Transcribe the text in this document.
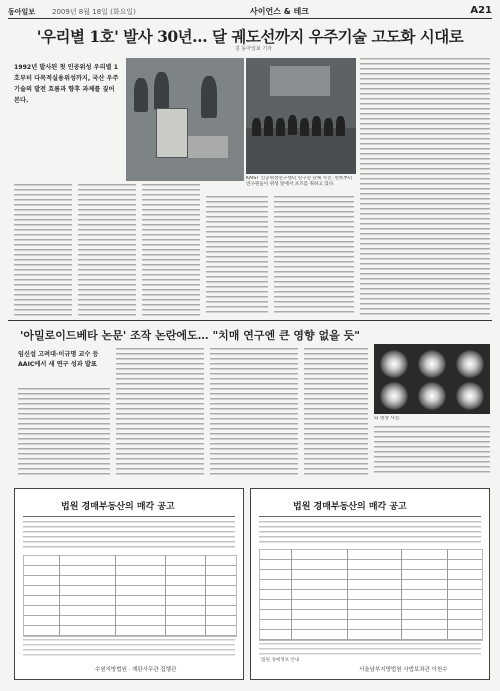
동아일보 2009년 8월 18일 (화요일)	사이언스 & 테크	A21
'우리별 1호' 발사 30년… 달 궤도선까지 우주기술 고도화 시대로
김 동아일보 기자
1992년 발사된 첫 인공위성 우리별 1호부터 다목적실용위성까지, 국산 우주기술의 발전 흐름과 향후 과제를 짚어 본다.
KAIST 인공위성연구센터 연구진 단체 사진. 왼쪽부터 연구원들이 위성 앞에서 포즈를 취하고 있다.
'아밀로이드베타 논문' 조작 논란에도… "치매 연구엔 큰 영향 없을 듯"
임신섭 고려대·이규명 교수 등 AAIC에서 새 연구 성과 발표
뇌 영상 사진.
법원 경매부동산의 매각 공고
수원지방법원 · 재판사무관 집행관
법원 경매부동산의 매각 공고
법원 경매정보 안내
서울남부지방법원 사법보좌관 이천수
